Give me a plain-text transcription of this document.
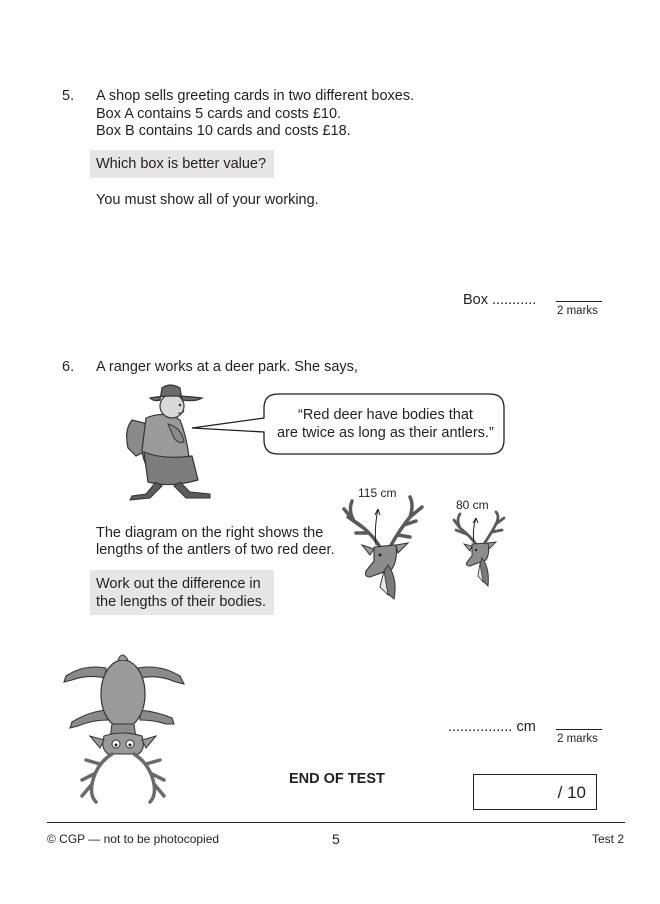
5. A shop sells greeting cards in two different boxes.
Box A contains 5 cards and costs £10.
Box B contains 10 cards and costs £18.
Which box is better value?
You must show all of your working.
Box ...........
2 marks
6. A ranger works at a deer park. She says,
“Red deer have bodies that
are twice as long as their antlers.”
The diagram on the right shows the
lengths of the antlers of two red deer.
Work out the difference in
the lengths of their bodies.
115 cm
80 cm
................ cm
2 marks
END OF TEST
/ 10
© CGP — not to be photocopied	5	Test 2
